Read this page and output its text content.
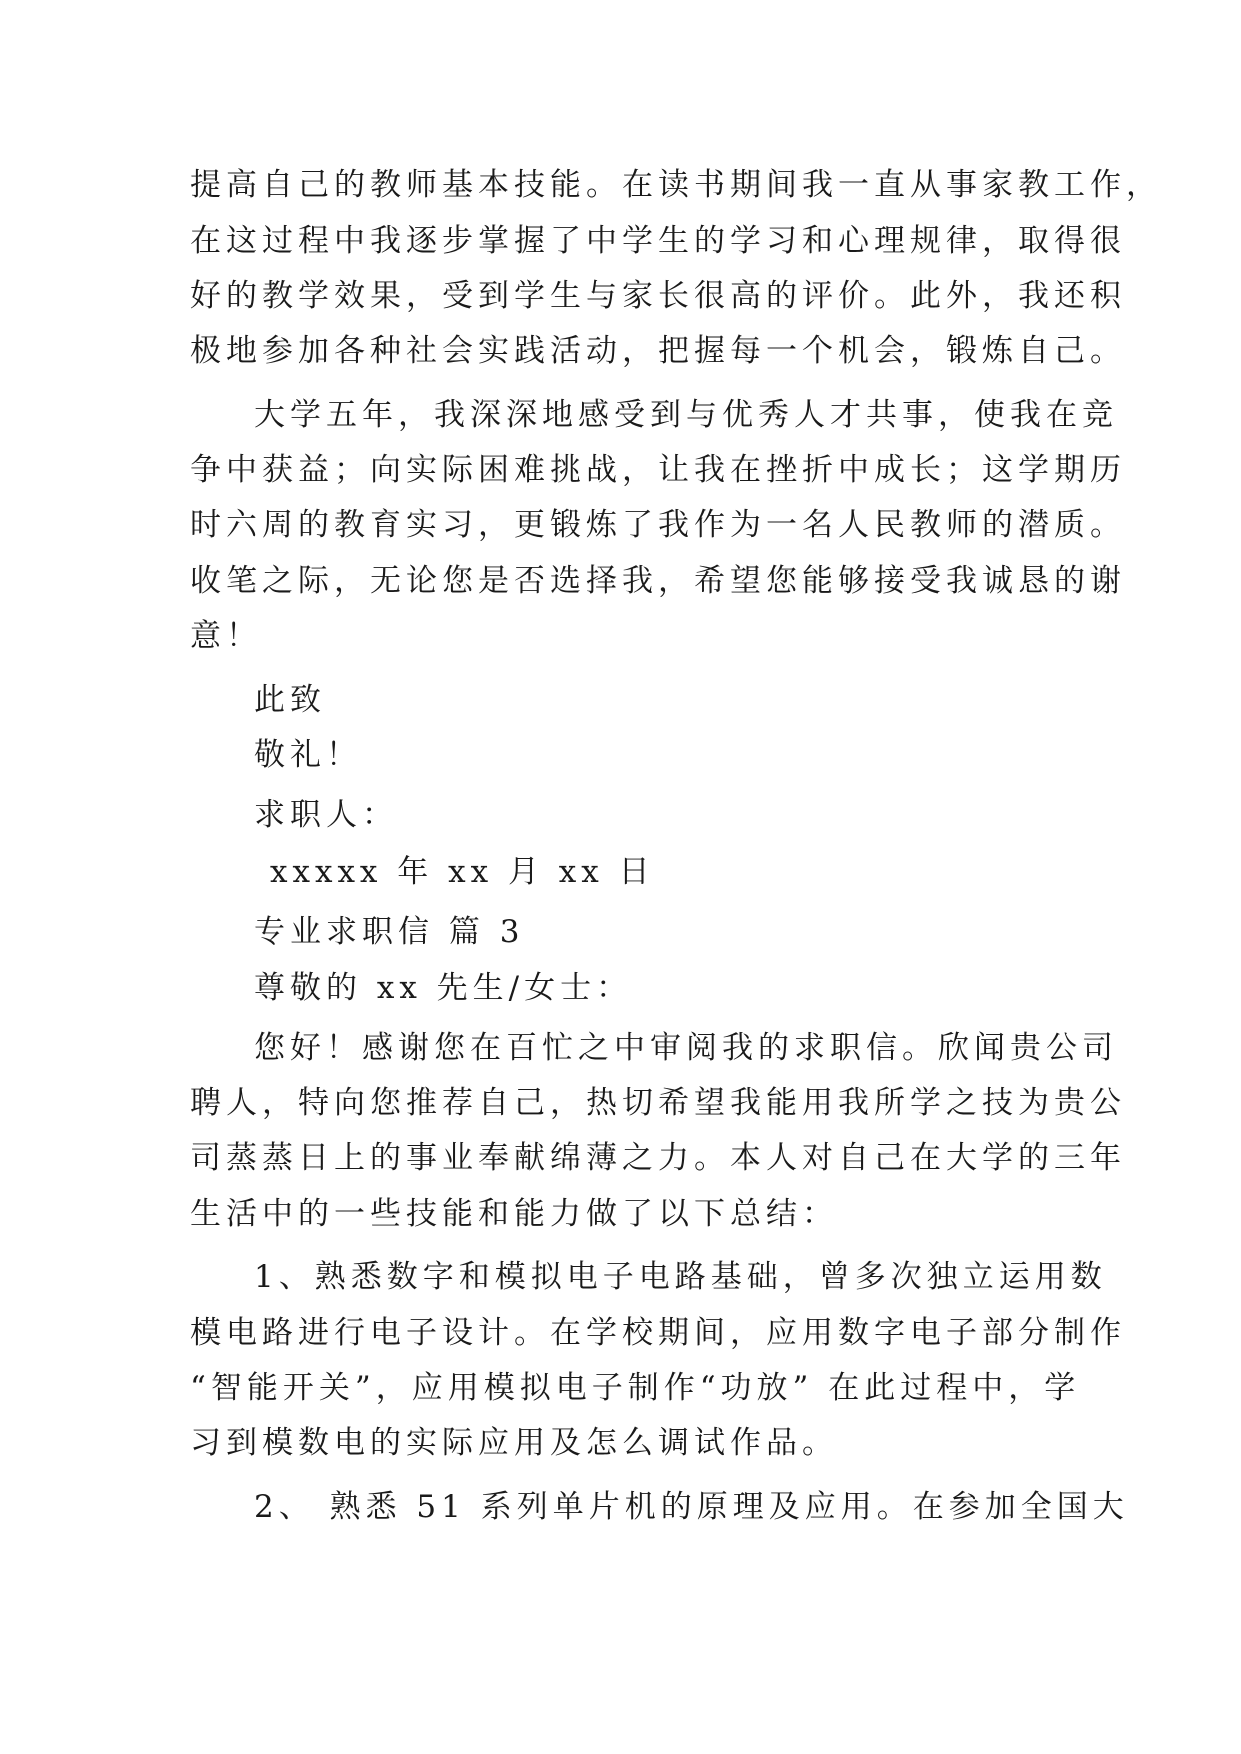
提高自己的教师基本技能。在读书期间我一直从事家教工作，
在这过程中我逐步掌握了中学生的学习和心理规律，取得很
好的教学效果，受到学生与家长很高的评价。此外，我还积
极地参加各种社会实践活动，把握每一个机会，锻炼自己。
大学五年，我深深地感受到与优秀人才共事，使我在竞
争中获益；向实际困难挑战，让我在挫折中成长；这学期历
时六周的教育实习，更锻炼了我作为一名人民教师的潜质。
收笔之际，无论您是否选择我，希望您能够接受我诚恳的谢
意！
此致
敬礼！
求职人：
xxxxx 年 xx 月 xx 日
专业求职信 篇 3
尊敬的 xx 先生/女士：
您好！感谢您在百忙之中审阅我的求职信。欣闻贵公司
聘人，特向您推荐自己，热切希望我能用我所学之技为贵公
司蒸蒸日上的事业奉献绵薄之力。本人对自己在大学的三年
生活中的一些技能和能力做了以下总结：
1、熟悉数字和模拟电子电路基础，曾多次独立运用数
模电路进行电子设计。在学校期间，应用数字电子部分制作
“智能开关”，应用模拟电子制作“功放” 在此过程中，学
习到模数电的实际应用及怎么调试作品。
2、 熟悉 51 系列单片机的原理及应用。在参加全国大
